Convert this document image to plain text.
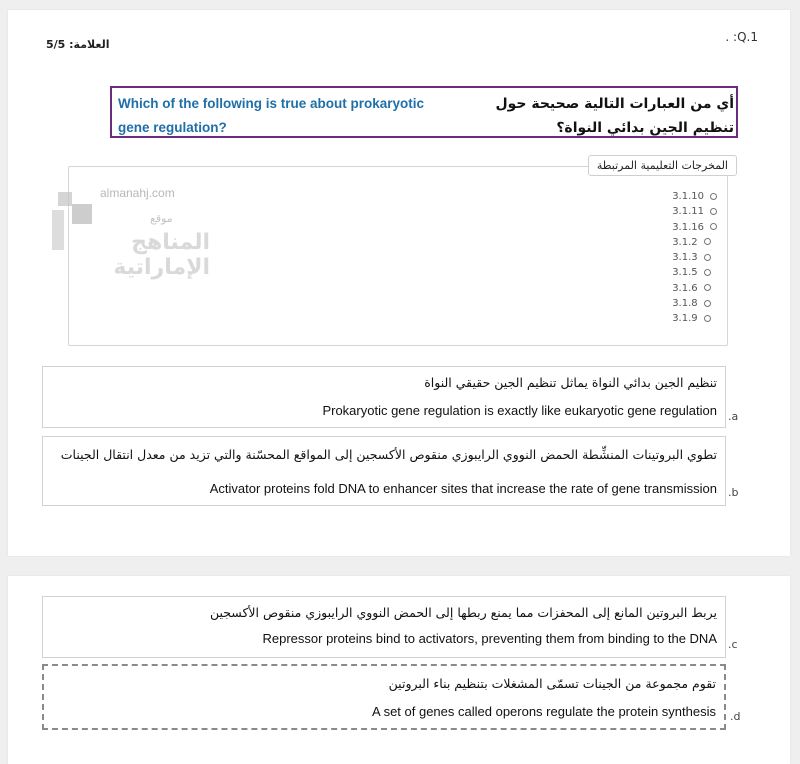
. :Q.1
العلامة: 5/5
Which of the following is true about prokaryotic gene regulation?
أي من العبارات التالية صحيحة حول تنظيم الجين بدائي النواة؟
المخرجات التعليمية المرتبطة
3.1.10
3.1.11
3.1.16
3.1.2
3.1.3
3.1.5
3.1.6
3.1.8
3.1.9
almanahj.com
موقع
المناهج الإماراتية
تنظيم الجين بدائي النواة يماثل تنظيم الجين حقيقي النواة
Prokaryotic gene regulation is exactly like eukaryotic gene regulation .a
تطوي البروتينات المنشِّطة الحمض النووي الرايبوزي منقوص الأكسجين إلى المواقع المحسّنة والتي تزيد من معدل انتقال الجينات
Activator proteins fold DNA to enhancer sites that increase the rate of gene transmission .b
يربط البروتين المانع إلى المحفزات مما يمنع ربطها إلى الحمض النووي الرايبوزي منقوص الأكسجين
Repressor proteins bind to activators, preventing them from binding to the DNA .c
تقوم مجموعة من الجينات تسمّى المشغلات بتنظيم بناء البروتين
A set of genes called operons regulate the protein synthesis .d
